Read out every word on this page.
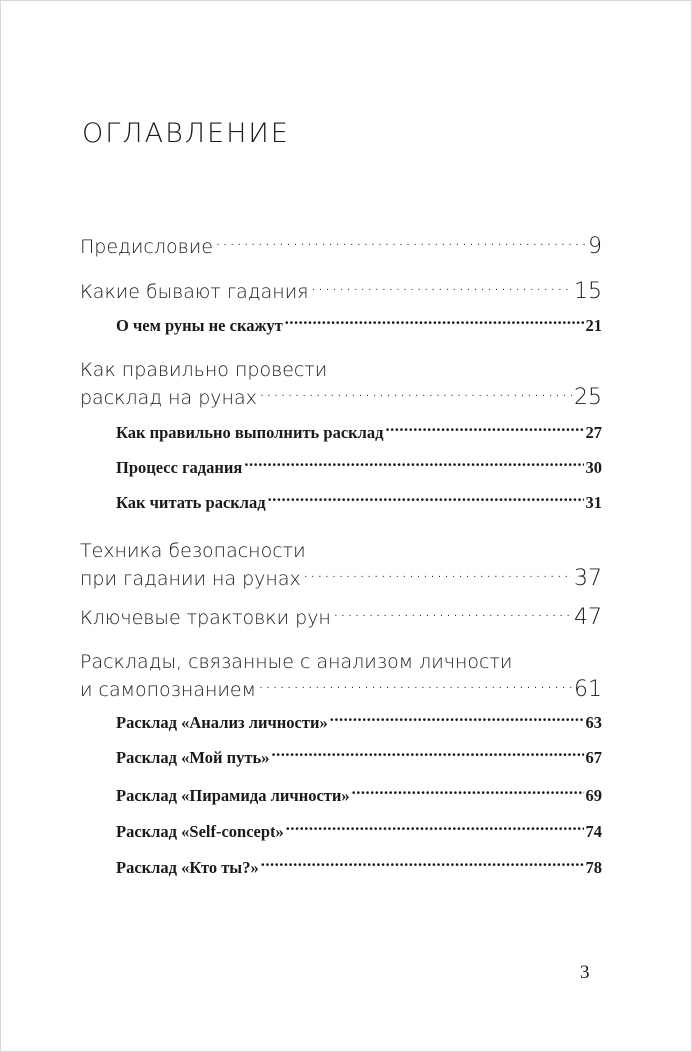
оглавление
Предисловие .....	9
Какие бывают гадания .....	15
О чем руны не скажут .....	21
Как правильно провести
расклад на рунах .....	25
Как правильно выполнить расклад .....	27
Процесс гадания .....	30
Как читать расклад .....	31
Техника безопасности
при гадании на рунах .....	37
Ключевые трактовки рун .....	47
Расклады, связанные с анализом личности
и самопознанием .....	61
Расклад «Анализ личности» .....	63
Расклад «Мой путь» .....	67
Расклад «Пирамида личности» .....	69
Расклад «Self-concept» .....	74
Расклад «Кто ты?» .....	78
3
